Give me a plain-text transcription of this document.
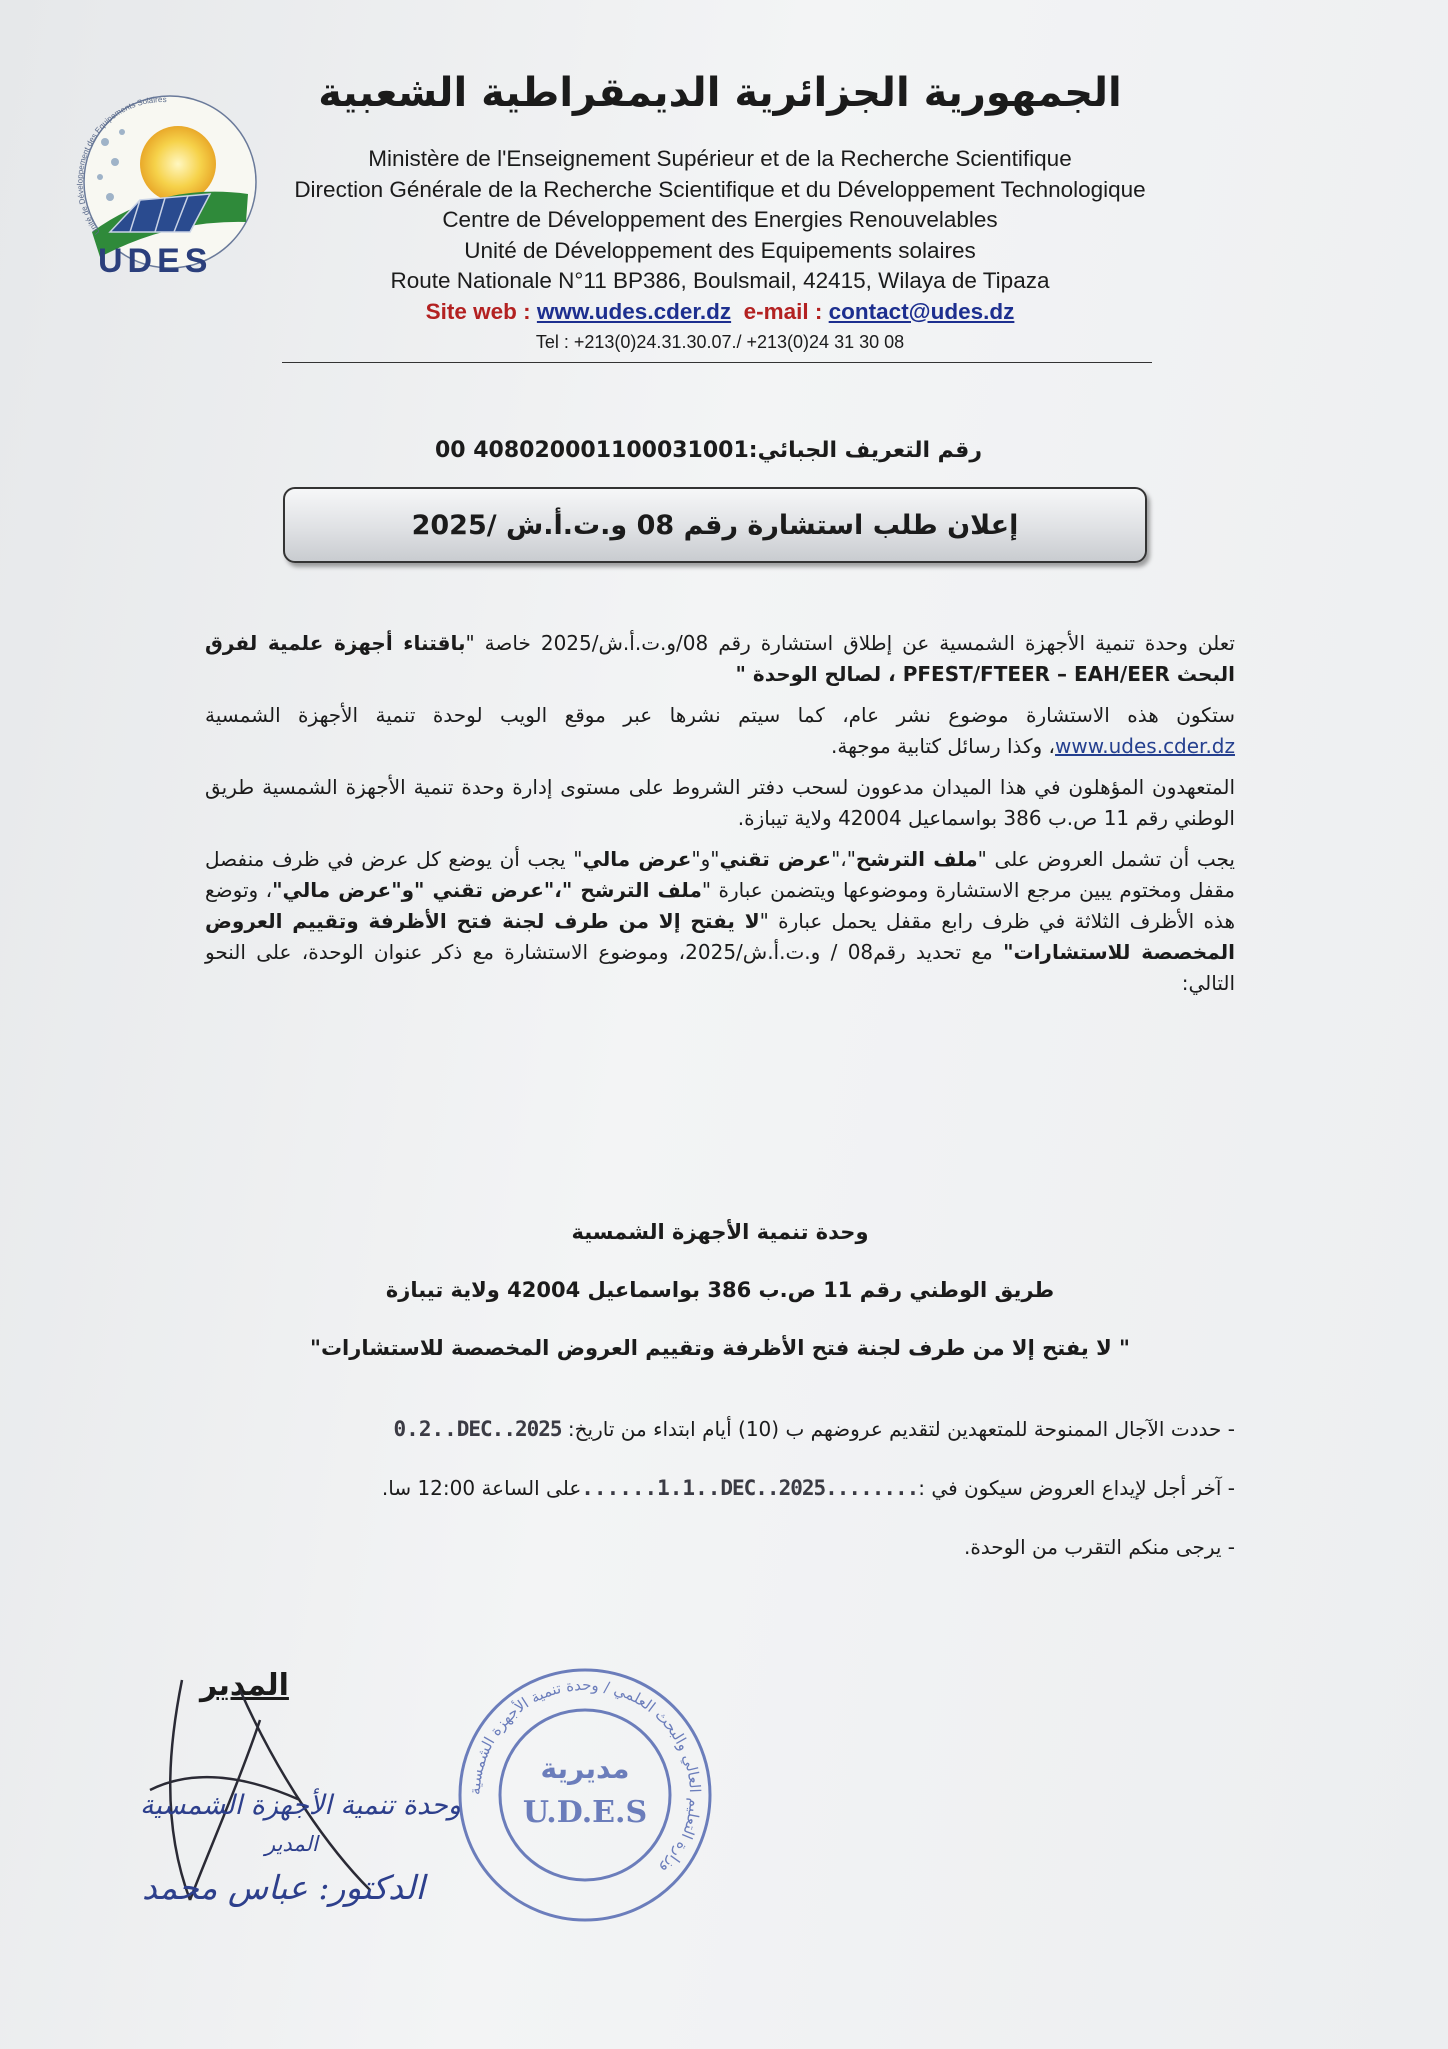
UDES
Unité de Développement des Equipements Solaires	الجمهورية الجزائرية الديمقراطية الشعبية
Ministère de l'Enseignement Supérieur et de la Recherche Scientifique
Direction Générale de la Recherche Scientifique et du Développement Technologique
Centre de Développement des Energies Renouvelables
Unité de Développement des Equipements solaires
Route Nationale N°11 BP386, Boulsmail, 42415, Wilaya de Tipaza
Site web : www.udes.cder.dz e-mail : contact@udes.dz
Tel : +213(0)24.31.30.07./ +213(0)24 31 30 08
رقم التعريف الجبائي:408020001100031001 00
إعلان طلب استشارة رقم 08 و.ت.أ.ش /2025

تعلن وحدة تنمية الأجهزة الشمسية عن إطلاق استشارة رقم 08/و.ت.أ.ش/2025 خاصة "باقتناء أجهزة علمية لفرق البحث PFEST/FTEER – EAH/EER ، لصالح الوحدة "

ستكون هذه الاستشارة موضوع نشر عام، كما سيتم نشرها عبر موقع الويب لوحدة تنمية الأجهزة الشمسية www.udes.cder.dz، وكذا رسائل كتابية موجهة.

المتعهدون المؤهلون في هذا الميدان مدعوون لسحب دفتر الشروط على مستوى إدارة وحدة تنمية الأجهزة الشمسية طريق الوطني رقم 11 ص.ب 386 بواسماعيل 42004 ولاية تيبازة.

يجب أن تشمل العروض على "ملف الترشح"،"عرض تقني"و"عرض مالي" يجب أن يوضع كل عرض في ظرف منفصل مقفل ومختوم يبين مرجع الاستشارة وموضوعها ويتضمن عبارة "ملف الترشح "،"عرض تقني "و"عرض مالي"، وتوضع هذه الأظرف الثلاثة في ظرف رابع مقفل يحمل عبارة "لا يفتح إلا من طرف لجنة فتح الأظرفة وتقييم العروض المخصصة للاستشارات" مع تحديد رقم08 / و.ت.أ.ش/2025، وموضوع الاستشارة مع ذكر عنوان الوحدة، على النحو التالي:

وحدة تنمية الأجهزة الشمسية
طريق الوطني رقم 11 ص.ب 386 بواسماعيل 42004 ولاية تيبازة
" لا يفتح إلا من طرف لجنة فتح الأظرفة وتقييم العروض المخصصة للاستشارات"
- حددت الآجال الممنوحة للمتعهدين لتقديم عروضهم ب (10) أيام ابتداء من تاريخ: 0.2..DEC..2025
- آخر أجل لإيداع العروض سيكون في :......1.1..DEC..2025........على الساعة 12:00 سا.
- يرجى منكم التقرب من الوحدة.
المدير
وحدة تنمية الأجهزة الشمسية
المدير
الدكتور: عباس محمد
وزارة التعليم العالي والبحث العلمي / وحدة تنمية الأجهزة الشمسية
مديرية
U.D.E.S
